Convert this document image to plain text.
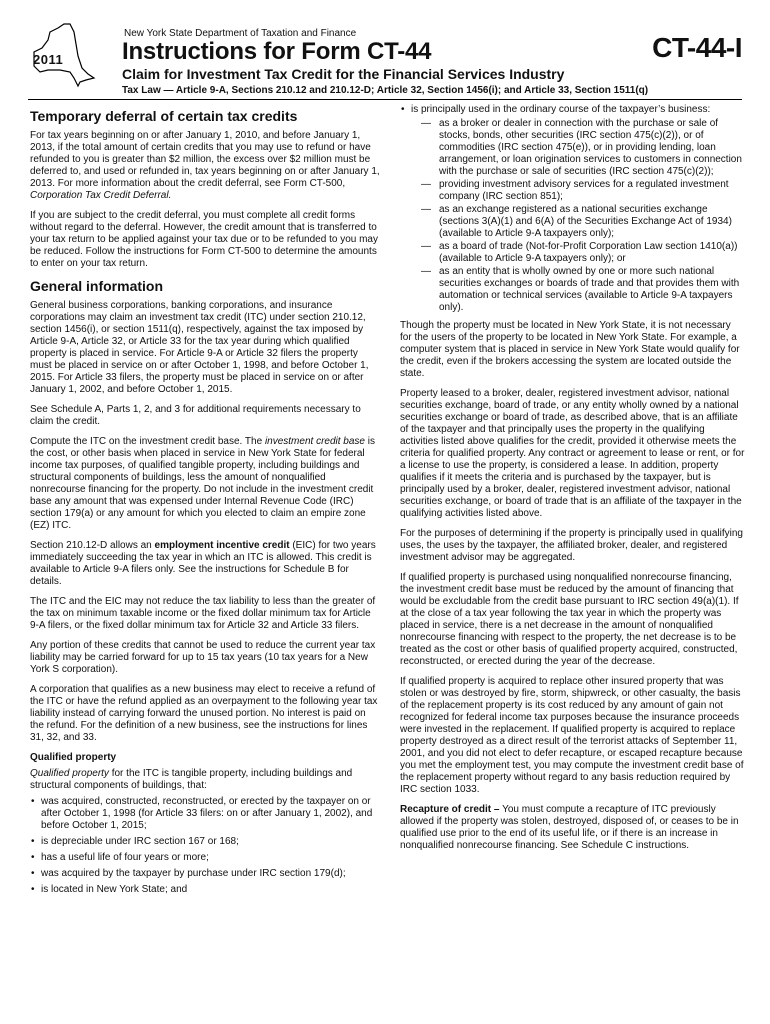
2011
New York State Department of Taxation and Finance
Instructions for Form CT-44	CT-44-I
Claim for Investment Tax Credit for the Financial Services Industry
Tax Law — Article 9-A, Sections 210.12 and 210.12-D; Article 32, Section 1456(i); and Article 33, Section 1511(q)
Temporary deferral of certain tax credits

For tax years beginning on or after January 1, 2010, and before January 1, 2013, if the total amount of certain credits that you may use to refund or have refunded to you is greater than $2 million, the excess over $2 million must be deferred to, and used or refunded in, tax years beginning on or after January 1, 2013. For more information about the credit deferral, see Form CT-500, Corporation Tax Credit Deferral.

If you are subject to the credit deferral, you must complete all credit forms without regard to the deferral. However, the credit amount that is transferred to your tax return to be applied against your tax due or to be refunded to you may be reduced. Follow the instructions for Form CT-500 to determine the amounts to enter on your tax return.

General information

General business corporations, banking corporations, and insurance corporations may claim an investment tax credit (ITC) under section 210.12, section 1456(i), or section 1511(q), respectively, against the tax imposed by Article 9-A, Article 32, or Article 33 for the tax year during which qualified property is placed in service. For Article 9-A or Article 32 filers the property must be placed in service on or after October 1, 1998, and before October 1, 2015. For Article 33 filers, the property must be placed in service on or after January 1, 2002, and before October 1, 2015.

See Schedule A, Parts 1, 2, and 3 for additional requirements necessary to claim the credit.

Compute the ITC on the investment credit base. The investment credit base is the cost, or other basis when placed in service in New York State for federal income tax purposes, of qualified tangible property, including buildings and structural components of buildings, less the amount of nonqualified nonrecourse financing for the property. Do not include in the investment credit base any amount that was expensed under Internal Revenue Code (IRC) section 179(a) or any amount for which you elected to claim an empire zone (EZ) ITC.

Section 210.12-D allows an employment incentive credit (EIC) for two years immediately succeeding the tax year in which an ITC is allowed. This credit is available to Article 9-A filers only. See the instructions for Schedule B for details.

The ITC and the EIC may not reduce the tax liability to less than the greater of the tax on minimum taxable income or the fixed dollar minimum tax for Article 9-A filers, or the fixed dollar minimum tax for Article 32 and Article 33 filers.

Any portion of these credits that cannot be used to reduce the current year tax liability may be carried forward for up to 15 tax years (10 tax years for a New York S corporation).

A corporation that qualifies as a new business may elect to receive a refund of the ITC or have the refund applied as an overpayment to the following year tax liability instead of carrying forward the unused portion. No interest is paid on the refund. For the definition of a new business, see the instructions for lines 31, 32, and 33.

Qualified property

Qualified property for the ITC is tangible property, including buildings and structural components of buildings, that:

• was acquired, constructed, reconstructed, or erected by the taxpayer on or after October 1, 1998 (for Article 33 filers: on or after January 1, 2002), and before October 1, 2015;
• is depreciable under IRC section 167 or 168;
• has a useful life of four years or more;
• was acquired by the taxpayer by purchase under IRC section 179(d);
• is located in New York State; and
• is principally used in the ordinary course of the taxpayer’s business:
— as a broker or dealer in connection with the purchase or sale of stocks, bonds, other securities (IRC section 475(c)(2)), or of commodities (IRC section 475(e)), or in providing lending, loan arrangement, or loan origination services to customers in connection with the purchase or sale of securities (IRC section 475(c)(2));
— providing investment advisory services for a regulated investment company (IRC section 851);
— as an exchange registered as a national securities exchange (sections 3(A)(1) and 6(A) of the Securities Exchange Act of 1934) (available to Article 9-A taxpayers only);
— as a board of trade (Not-for-Profit Corporation Law section 1410(a)) (available to Article 9-A taxpayers only); or
— as an entity that is wholly owned by one or more such national securities exchanges or boards of trade and that provides them with automation or technical services (available to Article 9-A taxpayers only).

Though the property must be located in New York State, it is not necessary for the users of the property to be located in New York State. For example, a computer system that is placed in service in New York State would qualify for the credit, even if the brokers accessing the system are located outside the state.

Property leased to a broker, dealer, registered investment advisor, national securities exchange, board of trade, or any entity wholly owned by a national securities exchange or board of trade, as described above, that is an affiliate of the taxpayer and that principally uses the property in the qualifying activities listed above qualifies for the credit, provided it otherwise meets the criteria for qualified property. Any contract or agreement to lease or rent, or for a license to use the property, is considered a lease. In addition, property qualifies if it meets the criteria and is purchased by the taxpayer, but is principally used by a broker, dealer, registered investment advisor, national securities exchange, or board of trade that is an affiliate of the taxpayer in the qualifying activities listed above.

For the purposes of determining if the property is principally used in qualifying uses, the uses by the taxpayer, the affiliated broker, dealer, and registered investment advisor may be aggregated.

If qualified property is purchased using nonqualified nonrecourse financing, the investment credit base must be reduced by the amount of financing that would be excludable from the credit base pursuant to IRC section 49(a)(1). If at the close of a tax year following the tax year in which the property was placed in service, there is a net decrease in the amount of nonqualified nonrecourse financing with respect to the property, the net decrease is to be treated as the cost or other basis of qualified property acquired, constructed, reconstructed, or erected during the year of the decrease.

If qualified property is acquired to replace other insured property that was stolen or was destroyed by fire, storm, shipwreck, or other casualty, the basis of the replacement property is its cost reduced by any amount of gain not recognized for federal income tax purposes because the insurance proceeds were invested in the replacement. If qualified property is acquired to replace property destroyed as a direct result of the terrorist attacks of September 11, 2001, and you did not elect to defer recapture, or escaped recapture because you met the employment test, you may compute the investment credit base of the replacement property without regard to any basis reduction required by IRC section 1033.

Recapture of credit – You must compute a recapture of ITC previously allowed if the property was stolen, destroyed, disposed of, or ceases to be in qualified use prior to the end of its useful life, or if there is an increase in nonqualified nonrecourse financing. See Schedule C instructions.
